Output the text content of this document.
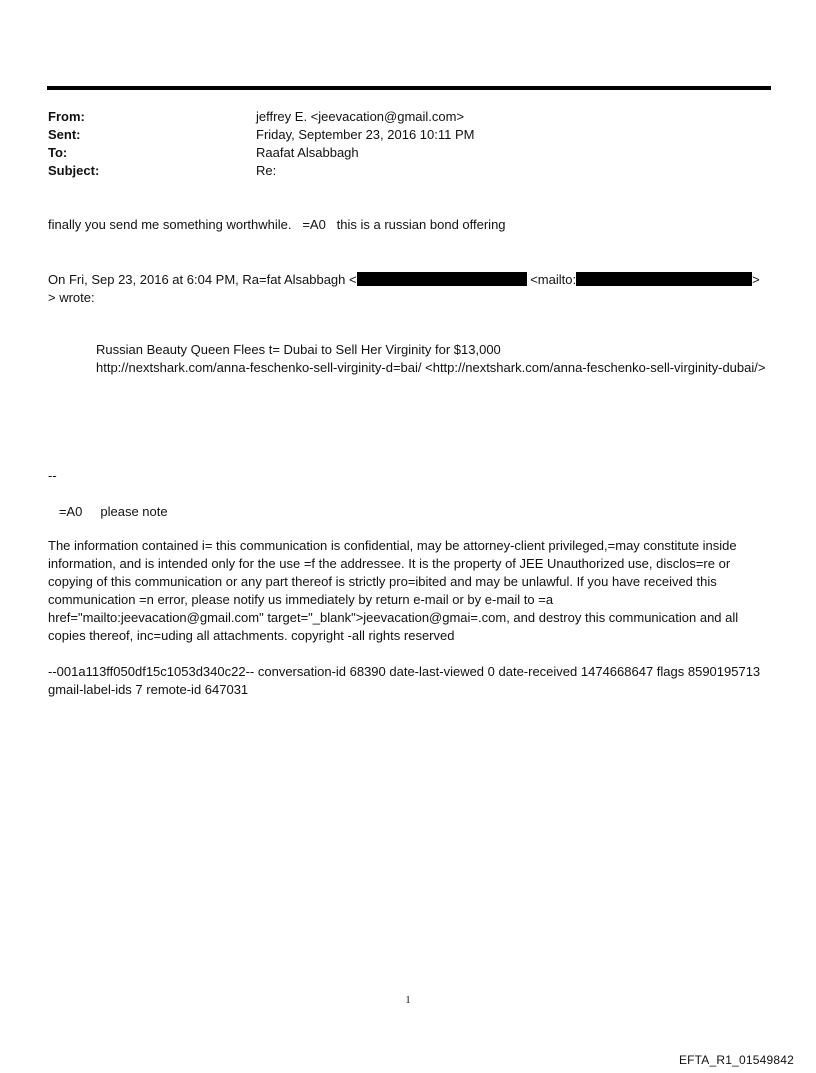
From:	jeffrey E. <jeevacation@gmail.com>
Sent:	Friday, September 23, 2016 10:11 PM
To:	Raafat Alsabbagh
Subject:	Re:
finally you send me something worthwhile.   =A0   this is a russian bond offering
On Fri, Sep 23, 2016 at 6:04 PM, Ra=fat Alsabbagh <	<mailto:	>
> wrote:
Russian Beauty Queen Flees t= Dubai to Sell Her Virginity for $13,000
http://nextshark.com/anna-feschenko-sell-virginity-d=bai/ <http://nextshark.com/anna-feschenko-sell-virginity-dubai/>
--
=A0     please note
The information contained i= this communication is confidential, may be attorney-client privileged,=may constitute inside information, and is intended only for the use =f the addressee. It is the property of JEE Unauthorized use, disclos=re or copying of this communication or any part thereof is strictly pro=ibited and may be unlawful. If you have received this communication =n error, please notify us immediately by return e-mail or by e-mail to =a href="mailto:jeevacation@gmail.com" target="_blank">jeevacation@gmai=.com, and destroy this communication and all copies thereof, inc=uding all attachments. copyright -all rights reserved
--001a113ff050df15c1053d340c22-- conversation-id 68390 date-last-viewed 0 date-received 1474668647 flags 8590195713 gmail-label-ids 7 remote-id 647031
1
EFTA_R1_01549842
